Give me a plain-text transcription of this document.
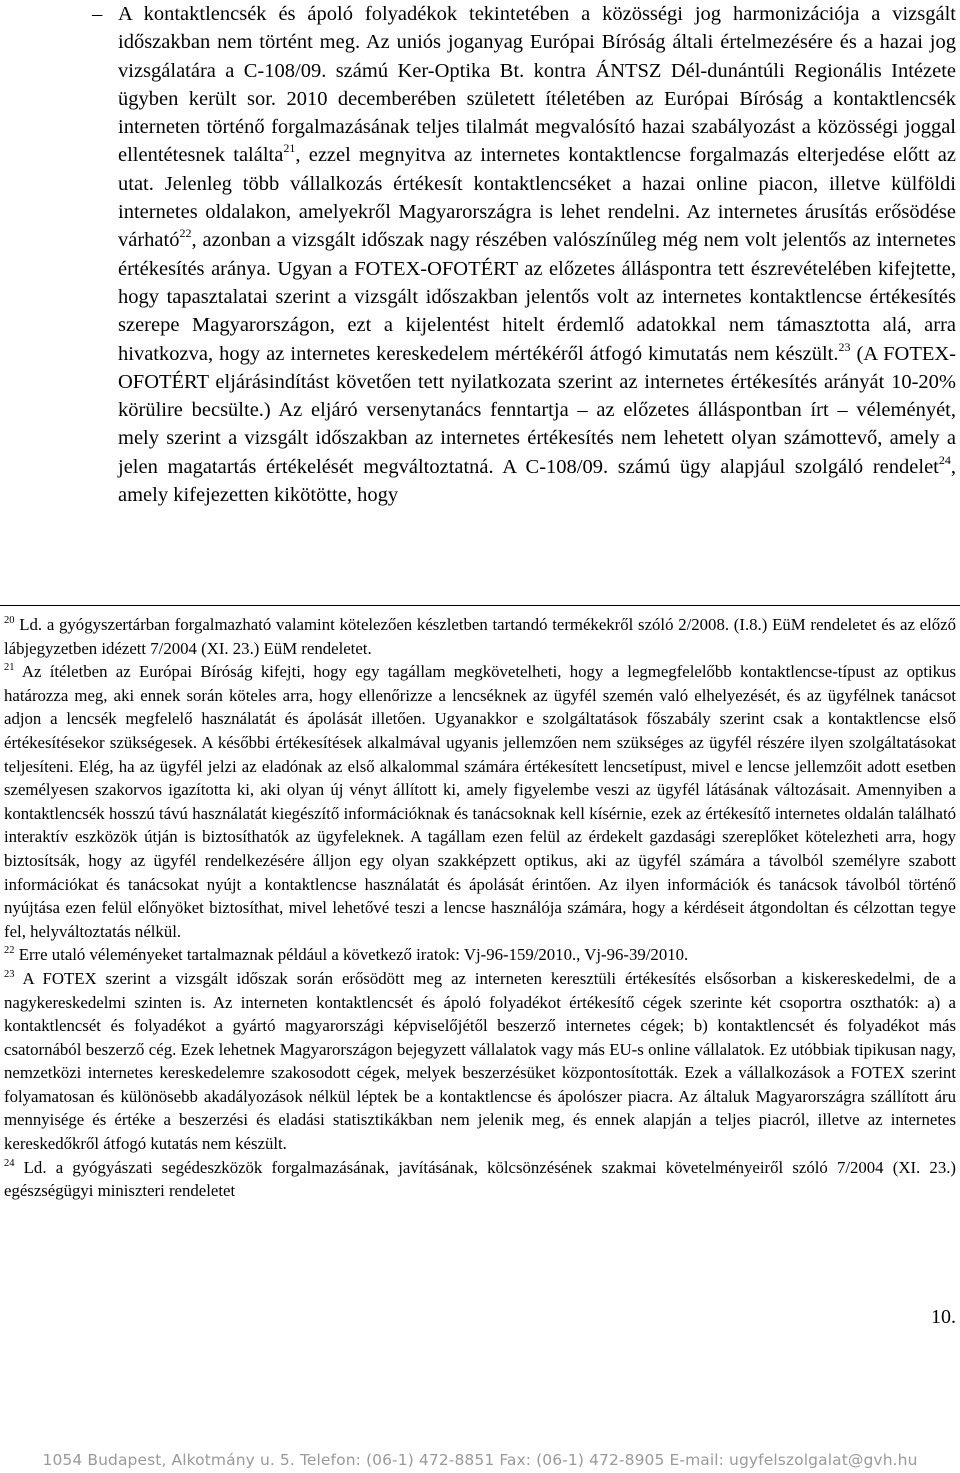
– A kontaktlencsék és ápoló folyadékok tekintetében a közösségi jog harmonizációja a vizsgált időszakban nem történt meg. Az uniós joganyag Európai Bíróság általi értelmezésére és a hazai jog vizsgálatára a C-108/09. számú Ker-Optika Bt. kontra ÁNTSZ Dél-dunántúli Regionális Intézete ügyben került sor. 2010 decemberében született ítéletében az Európai Bíróság a kontaktlencsék interneten történő forgalmazásának teljes tilalmát megvalósító hazai szabályozást a közösségi joggal ellentétesnek találta$^{21}$, ezzel megnyitva az internetes kontaktlencse forgalmazás elterjedése előtt az utat. Jelenleg több vállalkozás értékesít kontaktlencséket a hazai online piacon, illetve külföldi internetes oldalakon, amelyekről Magyarországra is lehet rendelni. Az internetes árusítás erősödése várható$^{22}$, azonban a vizsgált időszak nagy részében valószínűleg még nem volt jelentős az internetes értékesítés aránya. Ugyan a FOTEX-OFOTÉRT az előzetes álláspontra tett észrevételében kifejtette, hogy tapasztalatai szerint a vizsgált időszakban jelentős volt az internetes kontaktlencse értékesítés szerepe Magyarországon, ezt a kijelentést hitelt érdemlő adatokkal nem támasztotta alá, arra hivatkozva, hogy az internetes kereskedelem mértékéről átfogó kimutatás nem készült.$^{23}$ (A FOTEX-OFOTÉRT eljárásindítást követően tett nyilatkozata szerint az internetes értékesítés arányát 10-20% körülire becsülte.) Az eljáró versenytanács fenntartja – az előzetes álláspontban írt – véleményét, mely szerint a vizsgált időszakban az internetes értékesítés nem lehetett olyan számottevő, amely a jelen magatartás értékelését megváltoztatná. A C-108/09. számú ügy alapjául szolgáló rendelet$^{24}$, amely kifejezetten kikötötte, hogy

$^{20}$ Ld. a gyógyszertárban forgalmazható valamint kötelezően készletben tartandó termékekről szóló 2/2008. (I.8.) EüM rendeletet és az előző lábjegyzetben idézett 7/2004 (XI. 23.) EüM rendeletet.

$^{21}$ Az ítéletben az Európai Bíróság kifejti, hogy egy tagállam megkövetelheti, hogy a legmegfelelőbb kontaktlencse-típust az optikus határozza meg, aki ennek során köteles arra, hogy ellenőrizze a lencséknek az ügyfél szemén való elhelyezését, és az ügyfélnek tanácsot adjon a lencsék megfelelő használatát és ápolását illetően. Ugyanakkor e szolgáltatások főszabály szerint csak a kontaktlencse első értékesítésekor szükségesek. A későbbi értékesítések alkalmával ugyanis jellemzően nem szükséges az ügyfél részére ilyen szolgáltatásokat teljesíteni. Elég, ha az ügyfél jelzi az eladónak az első alkalommal számára értékesített lencsetípust, mivel e lencse jellemzőit adott esetben személyesen szakorvos igazította ki, aki olyan új vényt állított ki, amely figyelembe veszi az ügyfél látásának változásait. Amennyiben a kontaktlencsék hosszú távú használatát kiegészítő információknak és tanácsoknak kell kísérnie, ezek az értékesítő internetes oldalán található interaktív eszközök útján is biztosíthatók az ügyfeleknek. A tagállam ezen felül az érdekelt gazdasági szereplőket kötelezheti arra, hogy biztosítsák, hogy az ügyfél rendelkezésére álljon egy olyan szakképzett optikus, aki az ügyfél számára a távolból személyre szabott információkat és tanácsokat nyújt a kontaktlencse használatát és ápolását érintően. Az ilyen információk és tanácsok távolból történő nyújtása ezen felül előnyöket biztosíthat, mivel lehetővé teszi a lencse használója számára, hogy a kérdéseit átgondoltan és célzottan tegye fel, helyváltoztatás nélkül.

$^{22}$ Erre utaló véleményeket tartalmaznak például a következő iratok: Vj-96-159/2010., Vj-96-39/2010.

$^{23}$ A FOTEX szerint a vizsgált időszak során erősödött meg az interneten keresztüli értékesítés elsősorban a kiskereskedelmi, de a nagykereskedelmi szinten is. Az interneten kontaktlencsét és ápoló folyadékot értékesítő cégek szerinte két csoportra oszthatók: a) a kontaktlencsét és folyadékot a gyártó magyarországi képviselőjétől beszerző internetes cégek; b) kontaktlencsét és folyadékot más csatornából beszerző cég. Ezek lehetnek Magyarországon bejegyzett vállalatok vagy más EU-s online vállalatok. Ez utóbbiak tipikusan nagy, nemzetközi internetes kereskedelemre szakosodott cégek, melyek beszerzésüket központosították. Ezek a vállalkozások a FOTEX szerint folyamatosan és különösebb akadályozások nélkül léptek be a kontaktlencse és ápolószer piacra. Az általuk Magyarországra szállított áru mennyisége és értéke a beszerzési és eladási statisztikákban nem jelenik meg, és ennek alapján a teljes piacról, illetve az internetes kereskedőkről átfogó kutatás nem készült.

$^{24}$ Ld. a gyógyászati segédeszközök forgalmazásának, javításának, kölcsönzésének szakmai követelményeiről szóló 7/2004 (XI. 23.) egészségügyi miniszteri rendeletet

10.
1054 Budapest, Alkotmány u. 5. Telefon: (06-1) 472-8851 Fax: (06-1) 472-8905 E-mail: ugyfelszolgalat@gvh.hu
